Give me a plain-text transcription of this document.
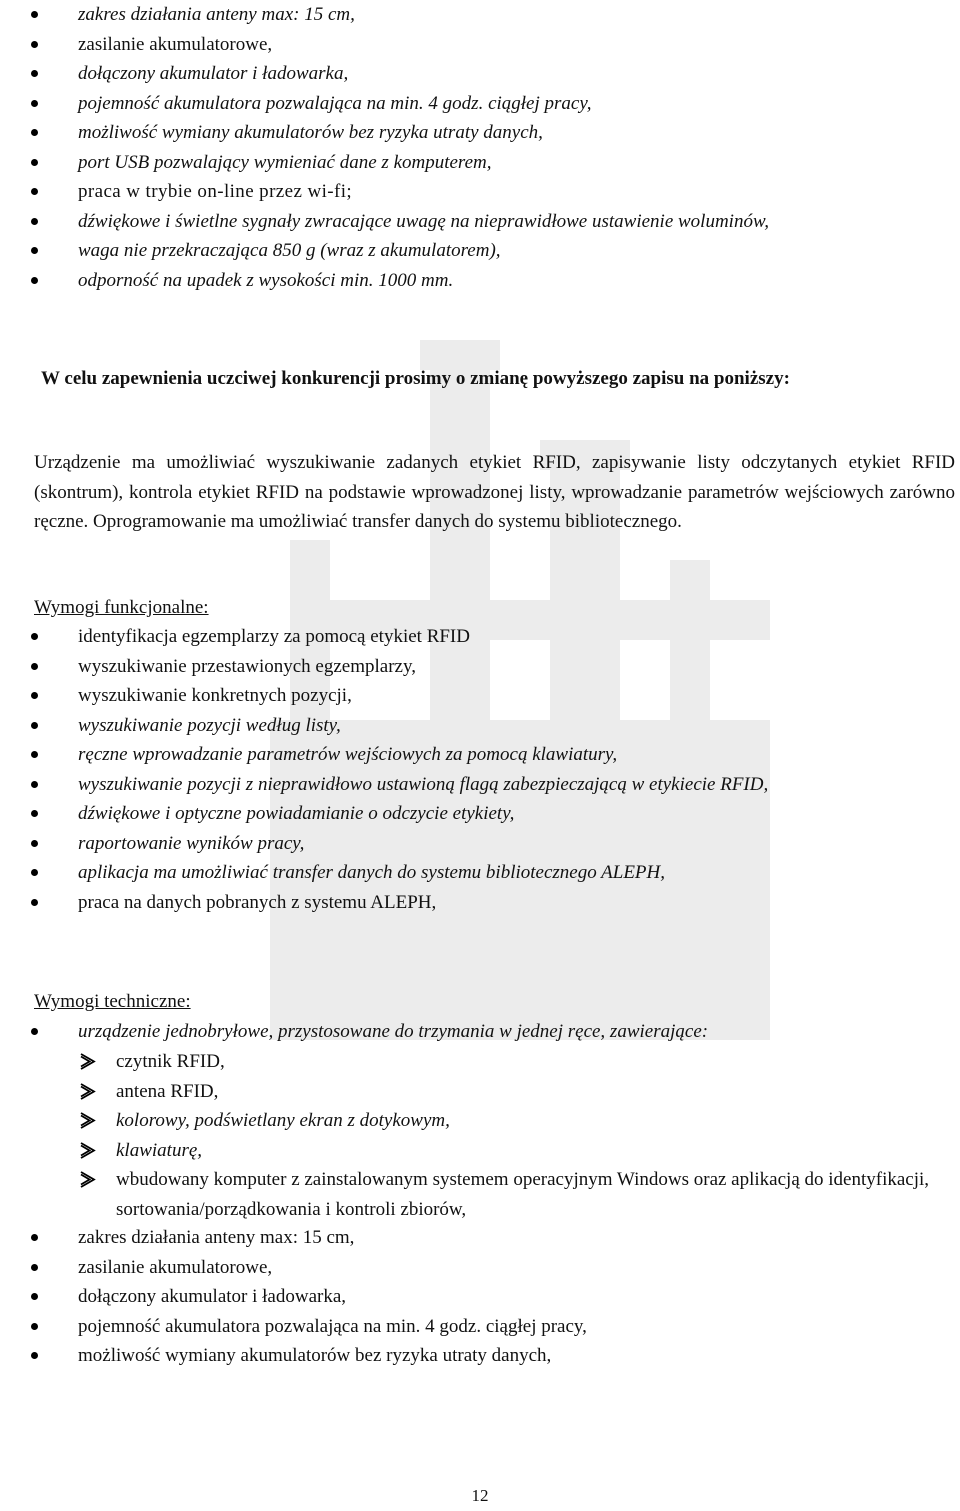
zakres działania anteny max: 15 cm,
zasilanie akumulatorowe,
dołączony akumulator i ładowarka,
pojemność akumulatora pozwalająca na min. 4 godz. ciągłej pracy,
możliwość wymiany akumulatorów bez ryzyka utraty danych,
port USB pozwalający wymieniać dane z komputerem,
praca w trybie on-line przez wi-fi;
dźwiękowe i świetlne sygnały zwracające uwagę na nieprawidłowe ustawienie woluminów,
waga nie przekraczająca 850 g (wraz z akumulatorem),
odporność na upadek z wysokości min. 1000 mm.

W celu zapewnienia uczciwej konkurencji prosimy o zmianę powyższego zapisu na poniższy:

Urządzenie ma umożliwiać wyszukiwanie zadanych etykiet RFID, zapisywanie listy odczytanych etykiet RFID (skontrum), kontrola etykiet RFID na podstawie wprowadzonej listy, wprowadzanie parametrów wejściowych zarówno ręczne. Oprogramowanie ma umożliwiać transfer danych do systemu bibliotecznego.

Wymogi funkcjonalne:

identyfikacja egzemplarzy za pomocą etykiet RFID
wyszukiwanie przestawionych egzemplarzy,
wyszukiwanie konkretnych pozycji,
wyszukiwanie pozycji według listy,
ręczne wprowadzanie parametrów wejściowych za pomocą klawiatury,
wyszukiwanie pozycji z nieprawidłowo ustawioną flagą zabezpieczającą w etykiecie RFID,
dźwiękowe i optyczne powiadamianie o odczycie etykiety,
raportowanie wyników pracy,
aplikacja ma umożliwiać transfer danych do systemu bibliotecznego ALEPH,
praca na danych pobranych z systemu ALEPH,

Wymogi techniczne:

urządzenie jednobryłowe, przystosowane do trzymania w jednej ręce, zawierające:
czytnik RFID,
antena RFID,
kolorowy, podświetlany ekran z dotykowym,
klawiaturę,
wbudowany komputer z zainstalowanym systemem operacyjnym Windows oraz aplikacją do identyfikacji, sortowania/porządkowania i kontroli zbiorów,
zakres działania anteny max: 15 cm,
zasilanie akumulatorowe,
dołączony akumulator i ładowarka,
pojemność akumulatora pozwalająca na min. 4 godz. ciągłej pracy,
możliwość wymiany akumulatorów bez ryzyka utraty danych,
12
